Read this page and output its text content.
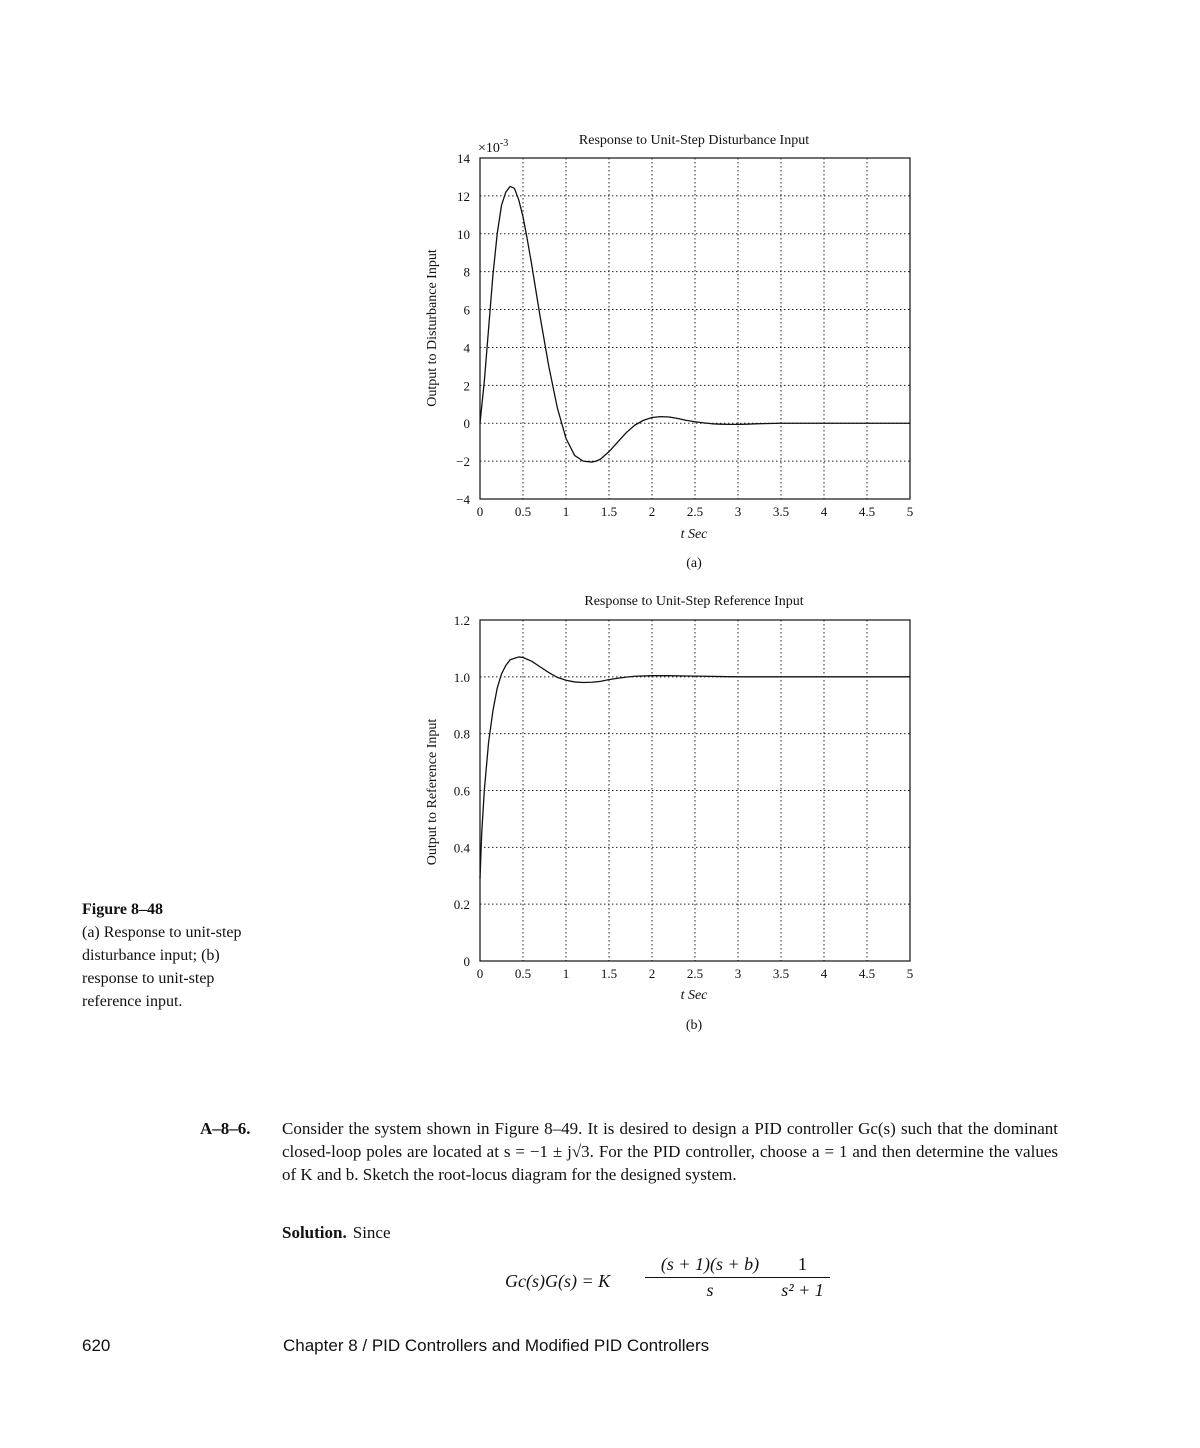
Response to Unit-Step Disturbance Input
$\times 10^{-3}$
Output to Disturbance Input
t Sec
(a)
0 0.5 1 1.5 2 2.5 3 3.5 4 4.5 5
14
12
10
8
6
4
2
0
−2
−4
Response to Unit-Step Reference Input
Output to Reference Input
t Sec
(b)
0 0.5 1 1.5 2 2.5 3 3.5 4 4.5 5
1.2
1.0
0.8
0.6
0.4
0.2
0
Figure 8–48
(a) Response to unit-step disturbance input; (b) response to unit-step reference input.
A–8–6. Consider the system shown in Figure 8–49. It is desired to design a PID controller Gc(s) such that the dominant closed-loop poles are located at s = −1 ± j√3. For the PID controller, choose a = 1 and then determine the values of K and b. Sketch the root-locus diagram for the designed system.
Solution. Since
Gc(s)G(s) = K $\frac{(s + 1)(s + b)}{s} \frac{1}{\text{s² + 1}}$
620	Chapter 8 / PID Controllers and Modified PID Controllers
